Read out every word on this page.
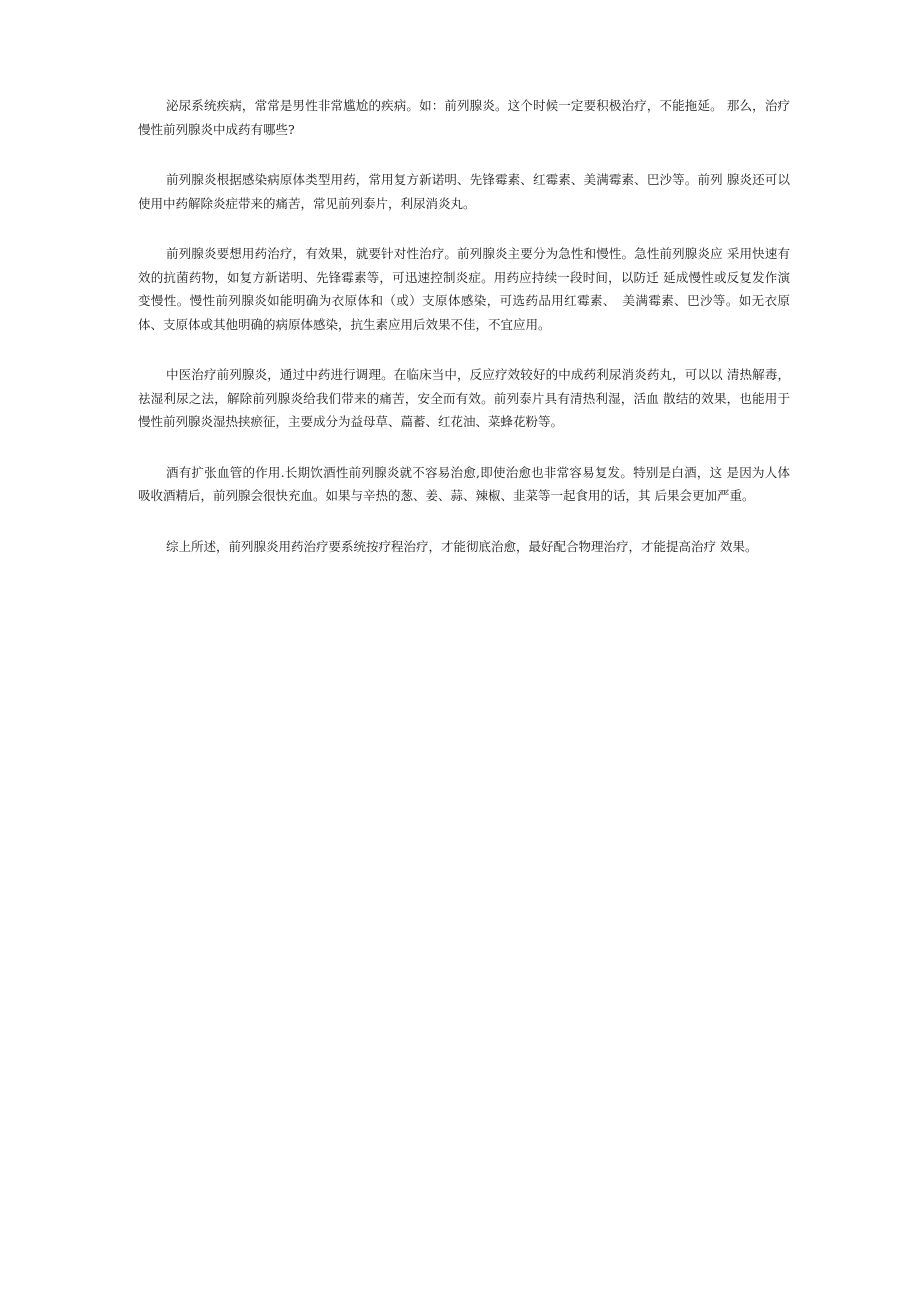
泌尿系统疾病，常常是男性非常尴尬的疾病。如：前列腺炎。这个时候一定要积极治疗，不能拖延。 那么，治疗慢性前列腺炎中成药有哪些?

前列腺炎根据感染病原体类型用药，常用复方新诺明、先锋霉素、红霉素、美满霉素、巴沙等。前列 腺炎还可以使用中药解除炎症带来的痛苦，常见前列泰片，利尿消炎丸。

前列腺炎要想用药治疗，有效果，就要针对性治疗。前列腺炎主要分为急性和慢性。急性前列腺炎应 采用快速有效的抗菌药物，如复方新诺明、先锋霉素等，可迅速控制炎症。用药应持续一段时间，以防迁 延成慢性或反复发作演变慢性。慢性前列腺炎如能明确为衣原体和（或）支原体感染，可选药品用红霉素、　美满霉素、巴沙等。如无衣原体、支原体或其他明确的病原体感染，抗生素应用后效果不佳，不宜应用。

中医治疗前列腺炎，通过中药进行调理。在临床当中，反应疗效较好的中成药利尿消炎药丸，可以以 清热解毒，祛湿利尿之法，解除前列腺炎给我们带来的痛苦，安全而有效。前列泰片具有清热利湿，活血 散结的效果，也能用于慢性前列腺炎湿热挟瘀征，主要成分为益母草、萹蓄、红花油、菜蜂花粉等。

酒有扩张血管的作用.长期饮酒性前列腺炎就不容易治愈,即使治愈也非常容易复发。特别是白酒，这 是因为人体吸收酒精后，前列腺会很快充血。如果与辛热的葱、姜、蒜、辣椒、韭菜等一起食用的话，其 后果会更加严重。

综上所述，前列腺炎用药治疗要系统按疗程治疗，才能彻底治愈，最好配合物理治疗，才能提高治疗 效果。
